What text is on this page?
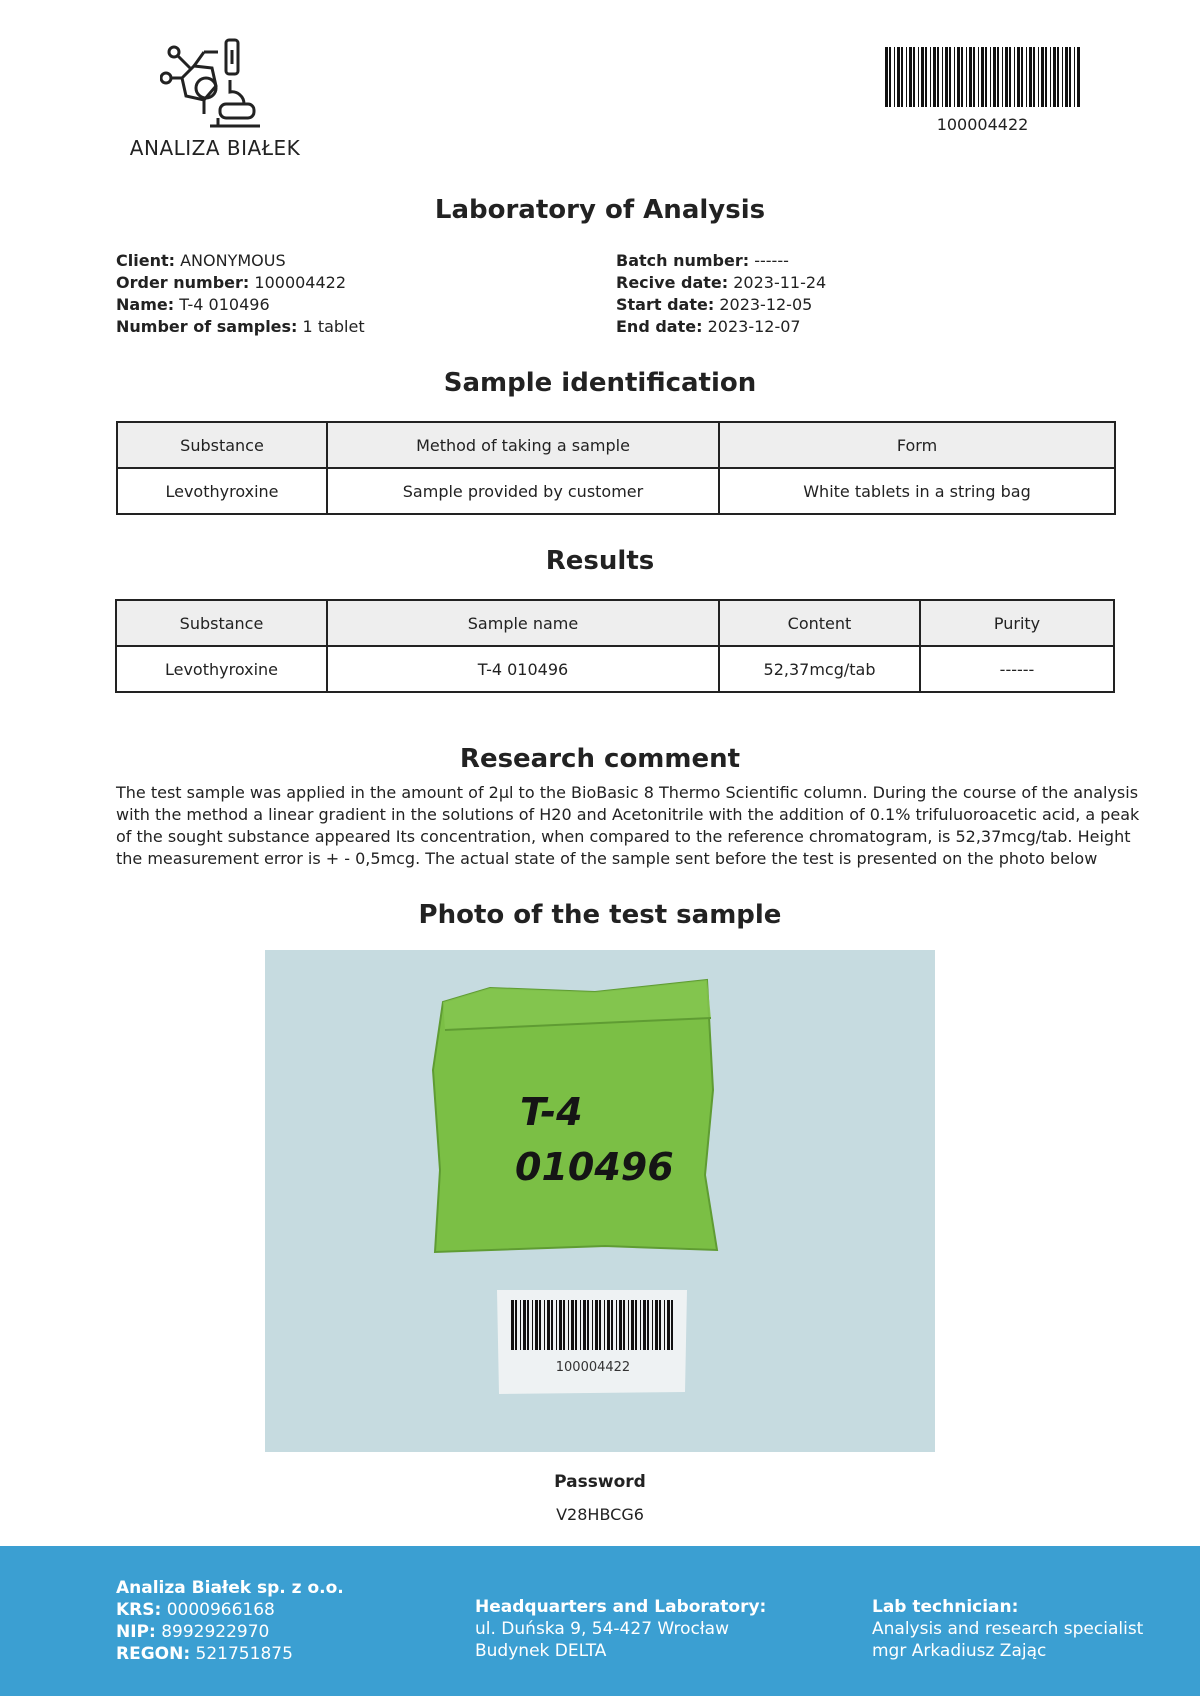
ANALIZA BIAŁEK
100004422
Laboratory of Analysis
Client: ANONYMOUS
Order number: 100004422
Name: T-4 010496
Number of samples: 1 tablet
Batch number: ------
Recive date: 2023-11-24
Start date: 2023-12-05
End date: 2023-12-07
Sample identification
Substance	Method of taking a sample	Form
Levothyroxine	Sample provided by customer	White tablets in a string bag
Results
Substance	Sample name	Content	Purity
Levothyroxine	T-4 010496	52,37mcg/tab	------
Research comment
The test sample was applied in the amount of 2µl to the BioBasic 8 Thermo Scientific column. During the course of the analysis with the method a linear gradient in the solutions of H20 and Acetonitrile with the addition of 0.1% trifuluoroacetic acid, a peak of the sought substance appeared Its concentration, when compared to the reference chromatogram, is 52,37mcg/tab. Height the measurement error is + - 0,5mcg. The actual state of the sample sent before the test is presented on the photo below
Photo of the test sample
T-4
010496
100004422
Password
V28HBCG6
Analiza Białek sp. z o.o.
KRS: 0000966168
NIP: 8992922970
REGON: 521751875
Headquarters and Laboratory:
ul. Duńska 9, 54-427 Wrocław
Budynek DELTA
Lab technician:
Analysis and research specialist
mgr Arkadiusz Zając
